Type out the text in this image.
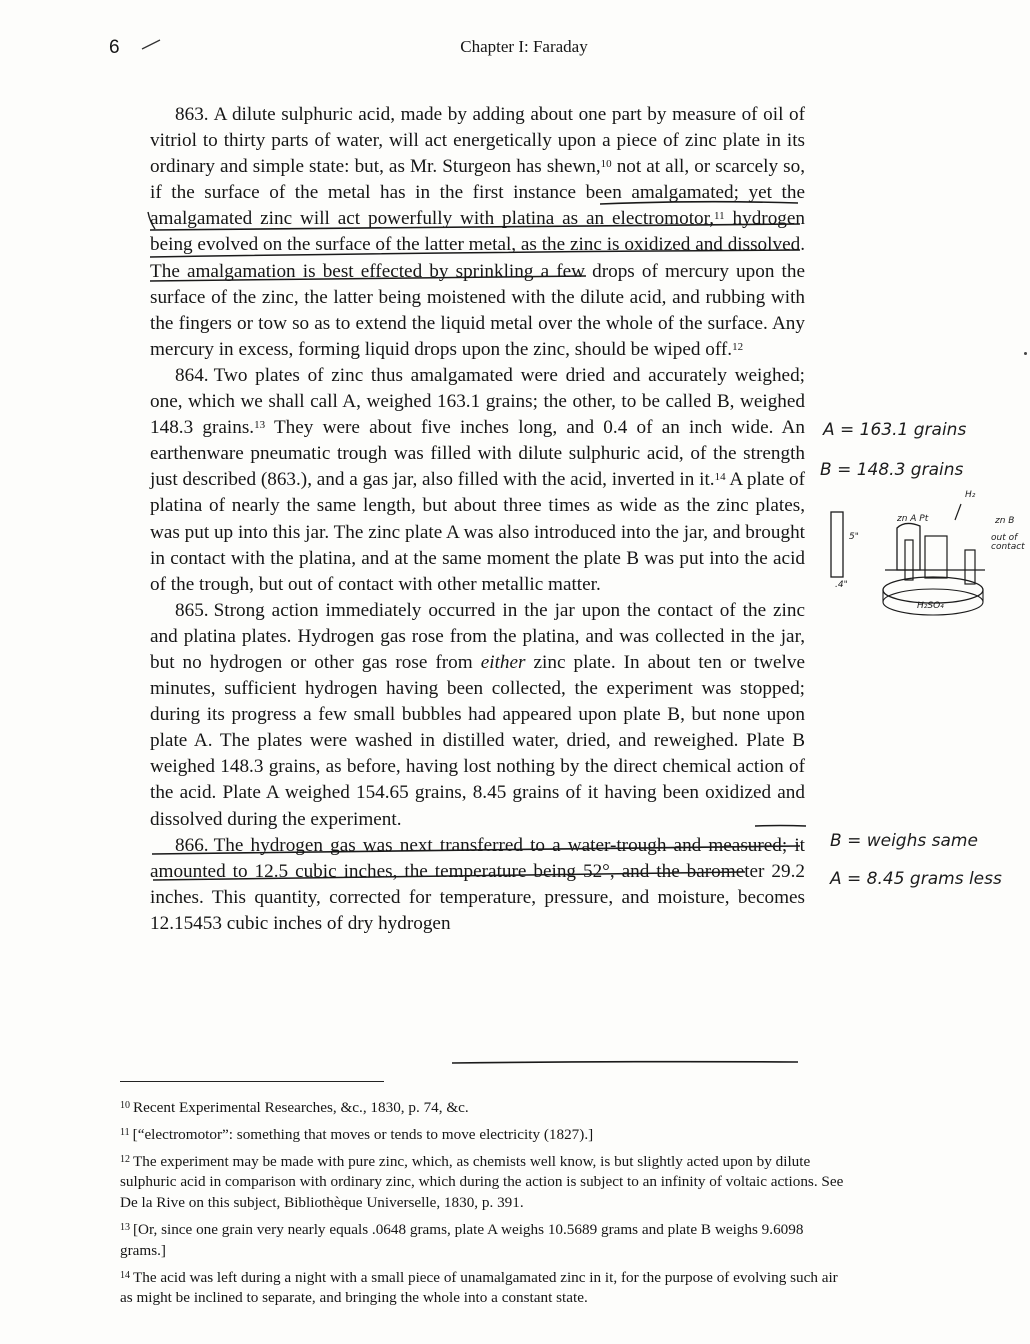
6	Chapter I: Faraday

863. A dilute sulphuric acid, made by adding about one part by measure of oil of vitriol to thirty parts of water, will act energetically upon a piece of zinc plate in its ordinary and simple state: but, as Mr. Sturgeon has shewn,$^{10}$ not at all, or scarcely so, if the surface of the metal has in the first instance been amalgamated; yet the amalgamated zinc will act powerfully with platina as an electromotor,$^{11}$ hydrogen being evolved on the surface of the latter metal, as the zinc is oxidized and dissolved. The amalgamation is best effected by sprinkling a few drops of mercury upon the surface of the zinc, the latter being moistened with the dilute acid, and rubbing with the fingers or tow so as to extend the liquid metal over the whole of the surface. Any mercury in excess, forming liquid drops upon the zinc, should be wiped off.$^{12}$

864. Two plates of zinc thus amalgamated were dried and accurately weighed; one, which we shall call A, weighed 163.1 grains; the other, to be called B, weighed 148.3 grains.$^{13}$ They were about five inches long, and 0.4 of an inch wide. An earthenware pneumatic trough was filled with dilute sulphuric acid, of the strength just described (863.), and a gas jar, also filled with the acid, inverted in it.$^{14}$ A plate of platina of nearly the same length, but about three times as wide as the zinc plates, was put up into this jar. The zinc plate A was also introduced into the jar, and brought in contact with the platina, and at the same moment the plate B was put into the acid of the trough, but out of contact with other metallic matter.

865. Strong action immediately occurred in the jar upon the contact of the zinc and platina plates. Hydrogen gas rose from the platina, and was collected in the jar, but no hydrogen or other gas rose from either zinc plate. In about ten or twelve minutes, sufficient hydrogen having been collected, the experiment was stopped; during its progress a few small bubbles had appeared upon plate B, but none upon plate A. The plates were washed in distilled water, dried, and reweighed. Plate B weighed 148.3 grains, as before, having lost nothing by the direct chemical action of the acid. Plate A weighed 154.65 grains, 8.45 grains of it having been oxidized and dissolved during the experiment.

866. The hydrogen gas was next transferred to a water-trough and measured; it amounted to 12.5 cubic inches, the temperature being 52°, and the barometer 29.2 inches. This quantity, corrected for temperature, pressure, and moisture, becomes 12.15453 cubic inches of dry hydrogen

A = 163.1 grains
B = 148.3 grains
H₂
zn A Pt	zn B
out of contact
H₂SO₄
5"
.4"
B = weighs same
A = 8.45 grams less

$^{10}$ Recent Experimental Researches, &c., 1830, p. 74, &c.

$^{11}$ [“electromotor”: something that moves or tends to move electricity (1827).]

$^{12}$ The experiment may be made with pure zinc, which, as chemists well know, is but slightly acted upon by dilute sulphuric acid in comparison with ordinary zinc, which during the action is subject to an infinity of voltaic actions. See De la Rive on this subject, Bibliothèque Universelle, 1830, p. 391.

$^{13}$ [Or, since one grain very nearly equals .0648 grams, plate A weighs 10.5689 grams and plate B weighs 9.6098 grams.]

$^{14}$ The acid was left during a night with a small piece of unamalgamated zinc in it, for the purpose of evolving such air as might be inclined to separate, and bringing the whole into a constant state.
